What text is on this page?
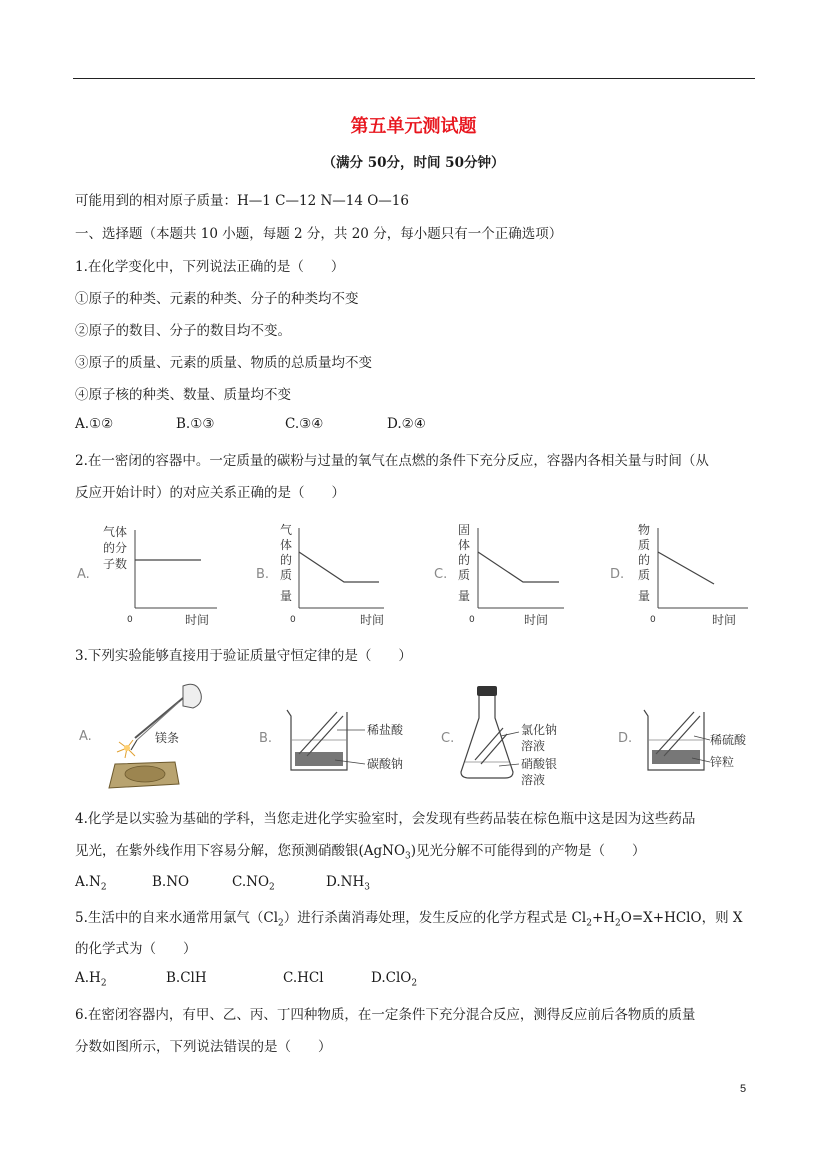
第五单元测试题
（满分 50分，时间 50分钟）
可能用到的相对原子质量：H—1 C—12 N—14 O—16
一、选择题（本题共 10 小题，每题 2 分，共 20 分，每小题只有一个正确选项）
1.在化学变化中，下列说法正确的是（　　）
①原子的种类、元素的种类、分子的种类均不变
②原子的数目、分子的数目均不变。
③原子的质量、元素的质量、物质的总质量均不变
④原子核的种类、数量、质量均不变
A.①②	B.①③	C.③④	D.②④
2.在一密闭的容器中。一定质量的碳粉与过量的氧气在点燃的条件下充分反应，容器内各相关量与时间（从
反应开始计时）的对应关系正确的是（　　）
A.
气体
的分
子数
0	时间
B.
气
体
的
质
量
0	时间
C.
固
体
的
质
量
0	时间
D.
物
质
的
质
量
0	时间
3.下列实验能够直接用于验证质量守恒定律的是（　　）
A.	镁条	B.
稀盐酸
碳酸钠
C.
氯化钠
溶液
硝酸银
溶液
D.	稀硫酸
锌粒
4.化学是以实验为基础的学科，当您走进化学实验室时，会发现有些药品装在棕色瓶中这是因为这些药品
见光，在紫外线作用下容易分解，您预测硝酸银(AgNO$_3$)见光分解不可能得到的产物是（　　）
$A.N_2$	B.NO	$C.NO_2$	$D.NH_3$
5.生活中的自来水通常用氯气$(Cl_2)$进行杀菌消毒处理，发生反应的化学方程式是 $Cl_2+H_2O=X+HClO$，则 X
的化学式为（　　）
$A.H_2$	B.ClH	C.HCl	D.ClO$_2$
6.在密闭容器内，有甲、乙、丙、丁四种物质，在一定条件下充分混合反应，测得反应前后各物质的质量
分数如图所示，下列说法错误的是（　　）
5
